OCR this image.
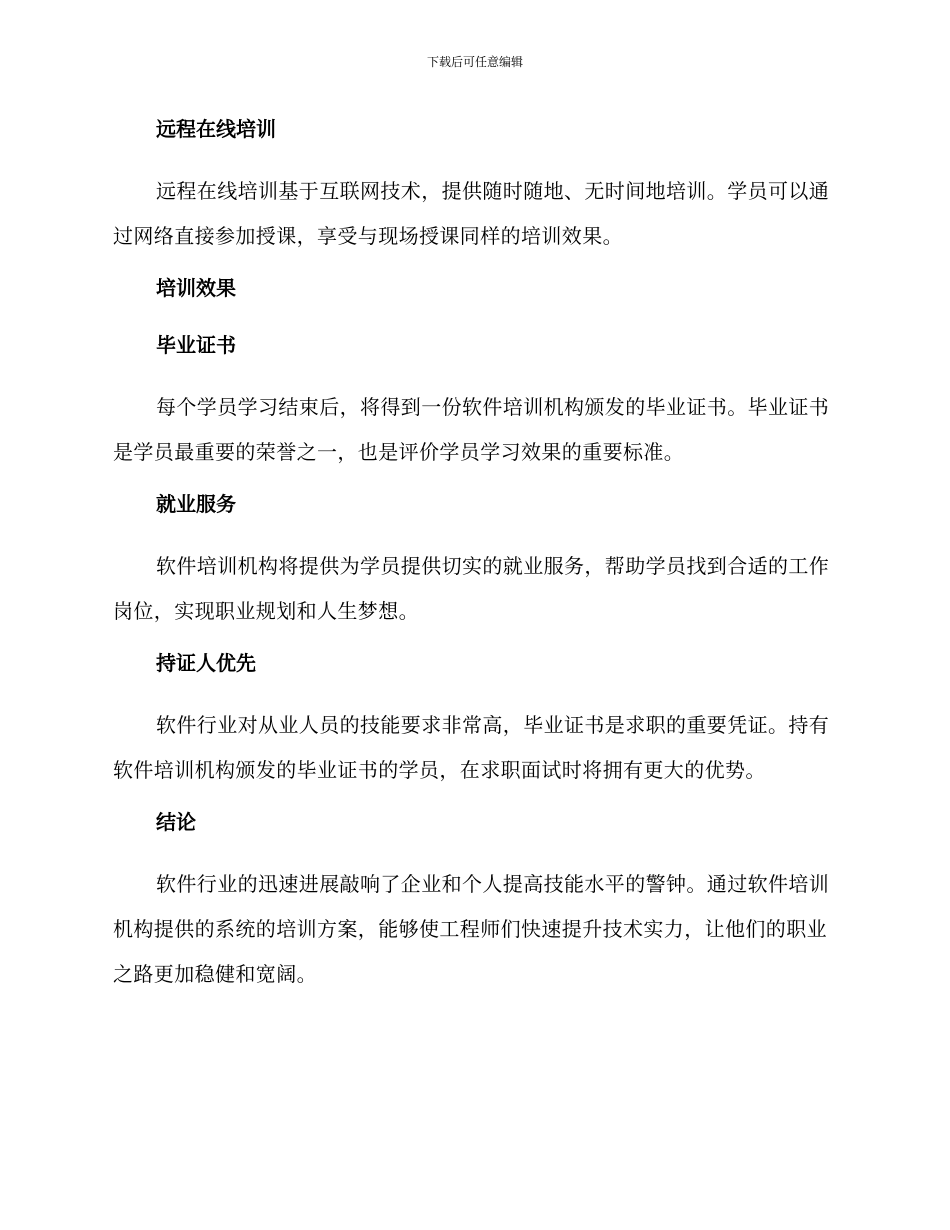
下载后可任意编辑
远程在线培训
远程在线培训基于互联网技术，提供随时随地、无时间地培训。学员可以通过网络直接参加授课，享受与现场授课同样的培训效果。
培训效果
毕业证书
每个学员学习结束后，将得到一份软件培训机构颁发的毕业证书。毕业证书是学员最重要的荣誉之一，也是评价学员学习效果的重要标准。
就业服务
软件培训机构将提供为学员提供切实的就业服务，帮助学员找到合适的工作岗位，实现职业规划和人生梦想。
持证人优先
软件行业对从业人员的技能要求非常高，毕业证书是求职的重要凭证。持有软件培训机构颁发的毕业证书的学员，在求职面试时将拥有更大的优势。
结论
软件行业的迅速进展敲响了企业和个人提高技能水平的警钟。通过软件培训机构提供的系统的培训方案，能够使工程师们快速提升技术实力，让他们的职业之路更加稳健和宽阔。
